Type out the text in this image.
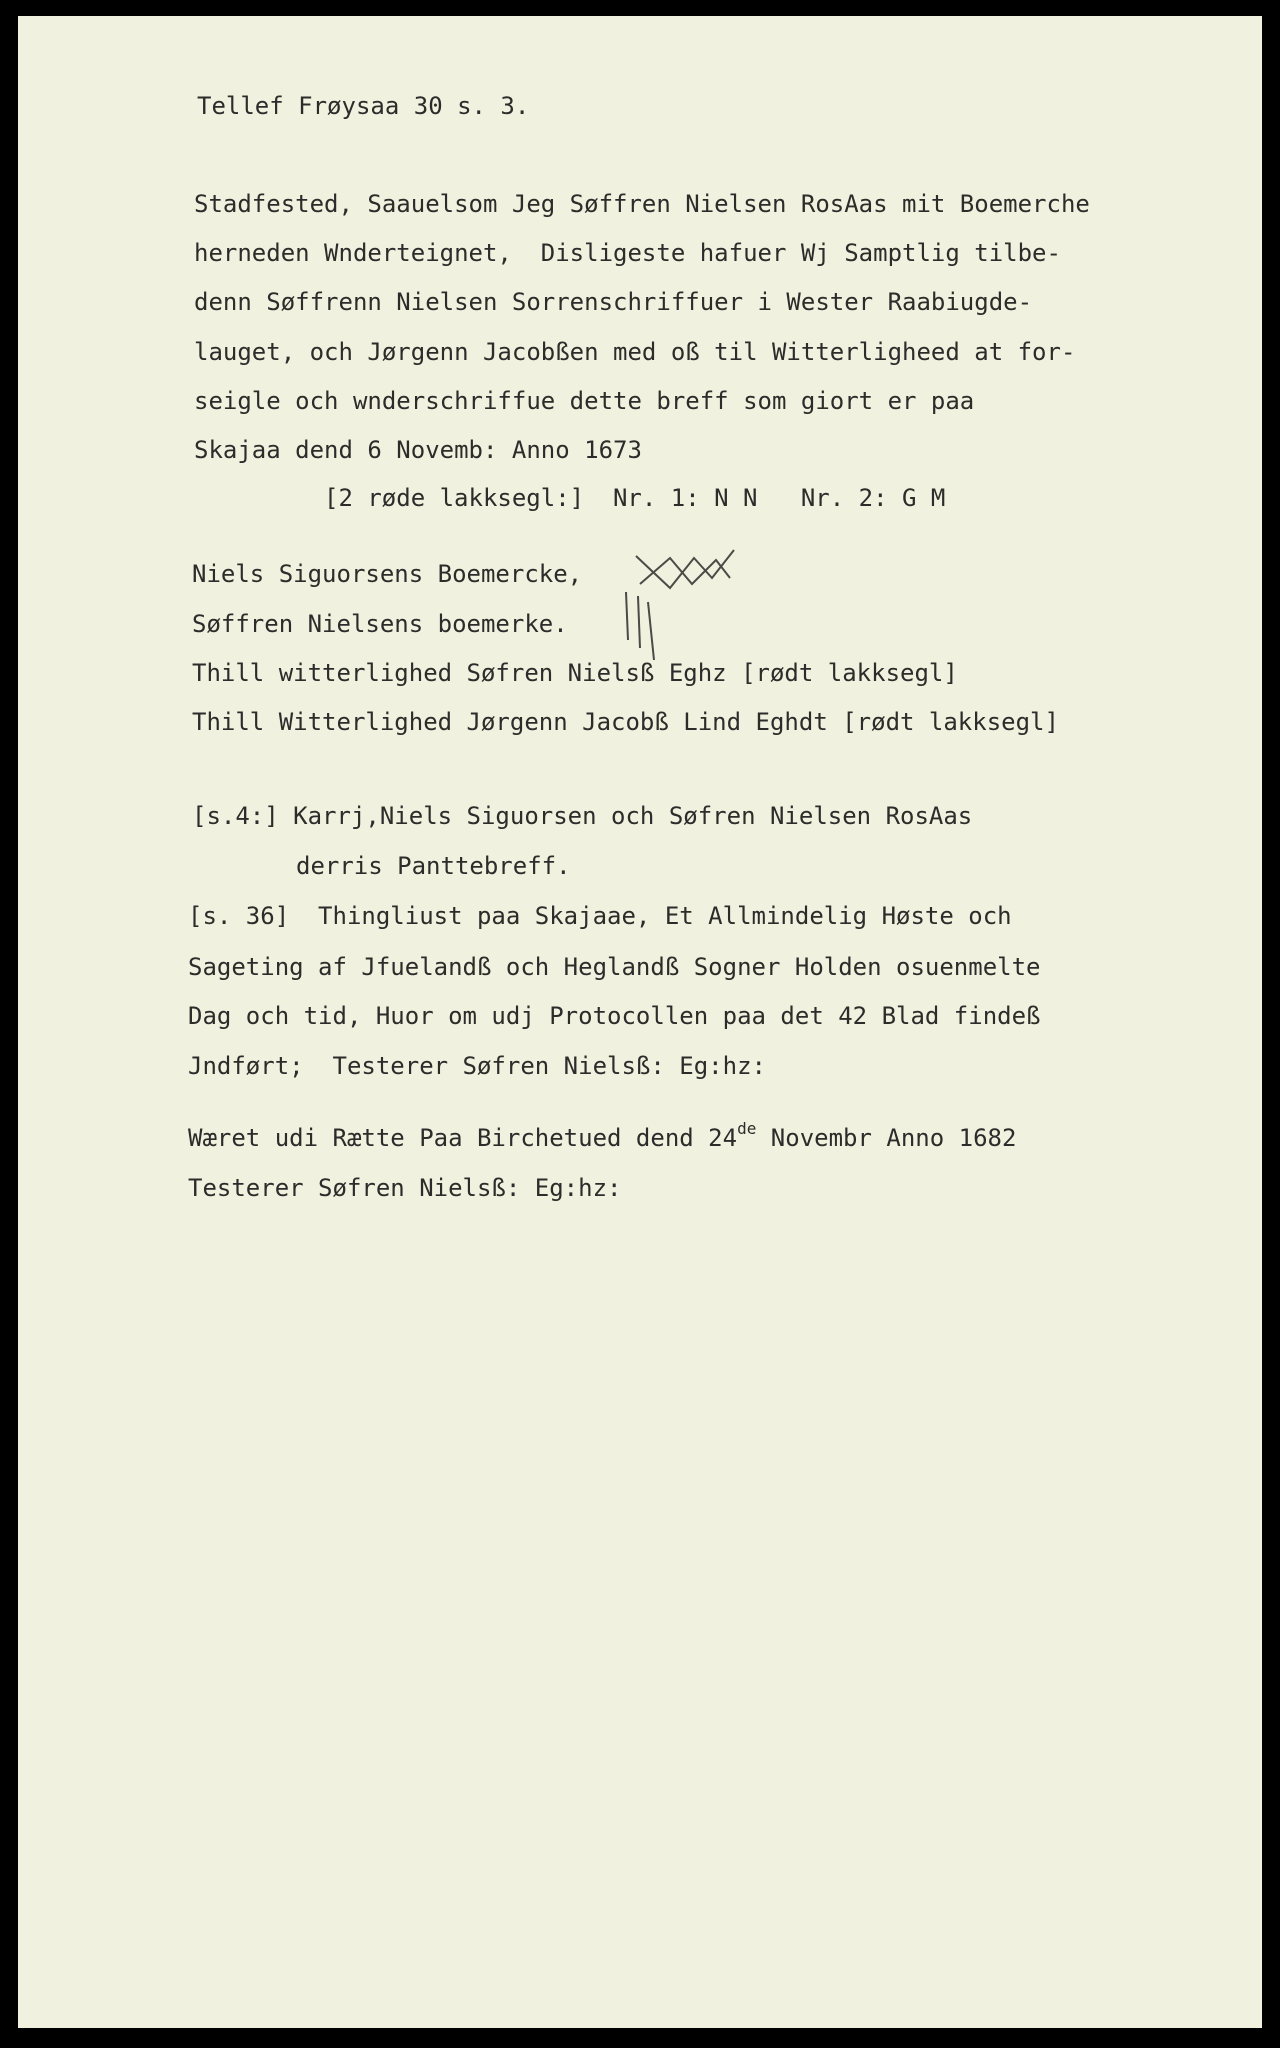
Tellef Frøysaa 30 s. 3.
Stadfested, Saauelsom Jeg Søffren Nielsen RosAas mit Boemerche
herneden Wnderteignet,  Disligeste hafuer Wj Samptlig tilbe-
denn Søffrenn Nielsen Sorrenschriffuer i Wester Raabiugde-
lauget, och Jørgenn Jacobßen med oß til Witterligheed at for-
seigle och wnderschriffue dette breff som giort er paa
Skajaa dend 6 Novemb: Anno 1673
[2 røde lakksegl:]  Nr. 1: N N   Nr. 2: G M
Niels Siguorsens Boemercke,
Søffren Nielsens boemerke.
Thill witterlighed Søfren Nielsß Eghz [rødt lakksegl]
Thill Witterlighed Jørgenn Jacobß Lind Eghdt [rødt lakksegl]
[s.4:] Karrj,Niels Siguorsen och Søfren Nielsen RosAas
derris Panttebreff.
[s. 36]  Thingliust paa Skajaae, Et Allmindelig Høste och
Sageting af Jfuelandß och Heglandß Sogner Holden osuenmelte
Dag och tid, Huor om udj Protocollen paa det 42 Blad findeß
Jndført;  Testerer Søfren Nielsß: Eg:hz:
Wæret udi Rætte Paa Birchetued dend 24de Novembr Anno 1682
Testerer Søfren Nielsß: Eg:hz:
